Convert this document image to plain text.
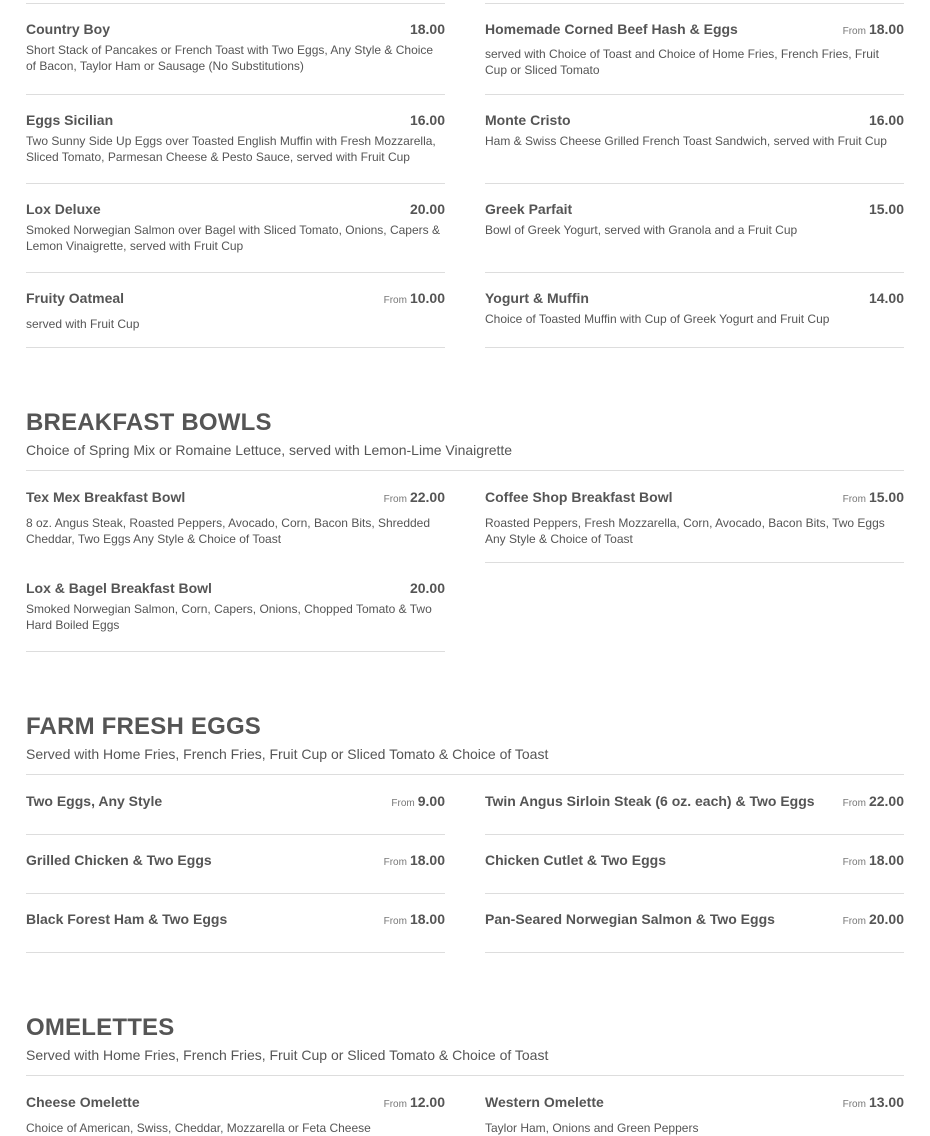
Country Boy	18.00
Short Stack of Pancakes or French Toast with Two Eggs, Any Style & Choice of Bacon, Taylor Ham or Sausage (No Substitutions)
Homemade Corned Beef Hash & Eggs	From 18.00
served with Choice of Toast and Choice of Home Fries, French Fries, Fruit Cup or Sliced Tomato
Eggs Sicilian	16.00
Two Sunny Side Up Eggs over Toasted English Muffin with Fresh Mozzarella, Sliced Tomato, Parmesan Cheese & Pesto Sauce, served with Fruit Cup
Monte Cristo	16.00
Ham & Swiss Cheese Grilled French Toast Sandwich, served with Fruit Cup
Lox Deluxe	20.00
Smoked Norwegian Salmon over Bagel with Sliced Tomato, Onions, Capers & Lemon Vinaigrette, served with Fruit Cup
Greek Parfait	15.00
Bowl of Greek Yogurt, served with Granola and a Fruit Cup
Fruity Oatmeal	From 10.00
served with Fruit Cup
Yogurt & Muffin	14.00
Choice of Toasted Muffin with Cup of Greek Yogurt and Fruit Cup
BREAKFAST BOWLS
Choice of Spring Mix or Romaine Lettuce, served with Lemon-Lime Vinaigrette
Tex Mex Breakfast Bowl	From 22.00
8 oz. Angus Steak, Roasted Peppers, Avocado, Corn, Bacon Bits, Shredded Cheddar, Two Eggs Any Style & Choice of Toast
Coffee Shop Breakfast Bowl	From 15.00
Roasted Peppers, Fresh Mozzarella, Corn, Avocado, Bacon Bits, Two Eggs Any Style & Choice of Toast
Lox & Bagel Breakfast Bowl	20.00
Smoked Norwegian Salmon, Corn, Capers, Onions, Chopped Tomato & Two Hard Boiled Eggs
FARM FRESH EGGS
Served with Home Fries, French Fries, Fruit Cup or Sliced Tomato & Choice of Toast
Two Eggs, Any Style	From 9.00	Twin Angus Sirloin Steak (6 oz. each) & Two Eggs	From 22.00
Grilled Chicken & Two Eggs	From 18.00	Chicken Cutlet & Two Eggs	From 18.00
Black Forest Ham & Two Eggs	From 18.00	Pan-Seared Norwegian Salmon & Two Eggs	From 20.00
OMELETTES
Served with Home Fries, French Fries, Fruit Cup or Sliced Tomato & Choice of Toast
Cheese Omelette	From 12.00
Choice of American, Swiss, Cheddar, Mozzarella or Feta Cheese
Western Omelette	From 13.00
Taylor Ham, Onions and Green Peppers
